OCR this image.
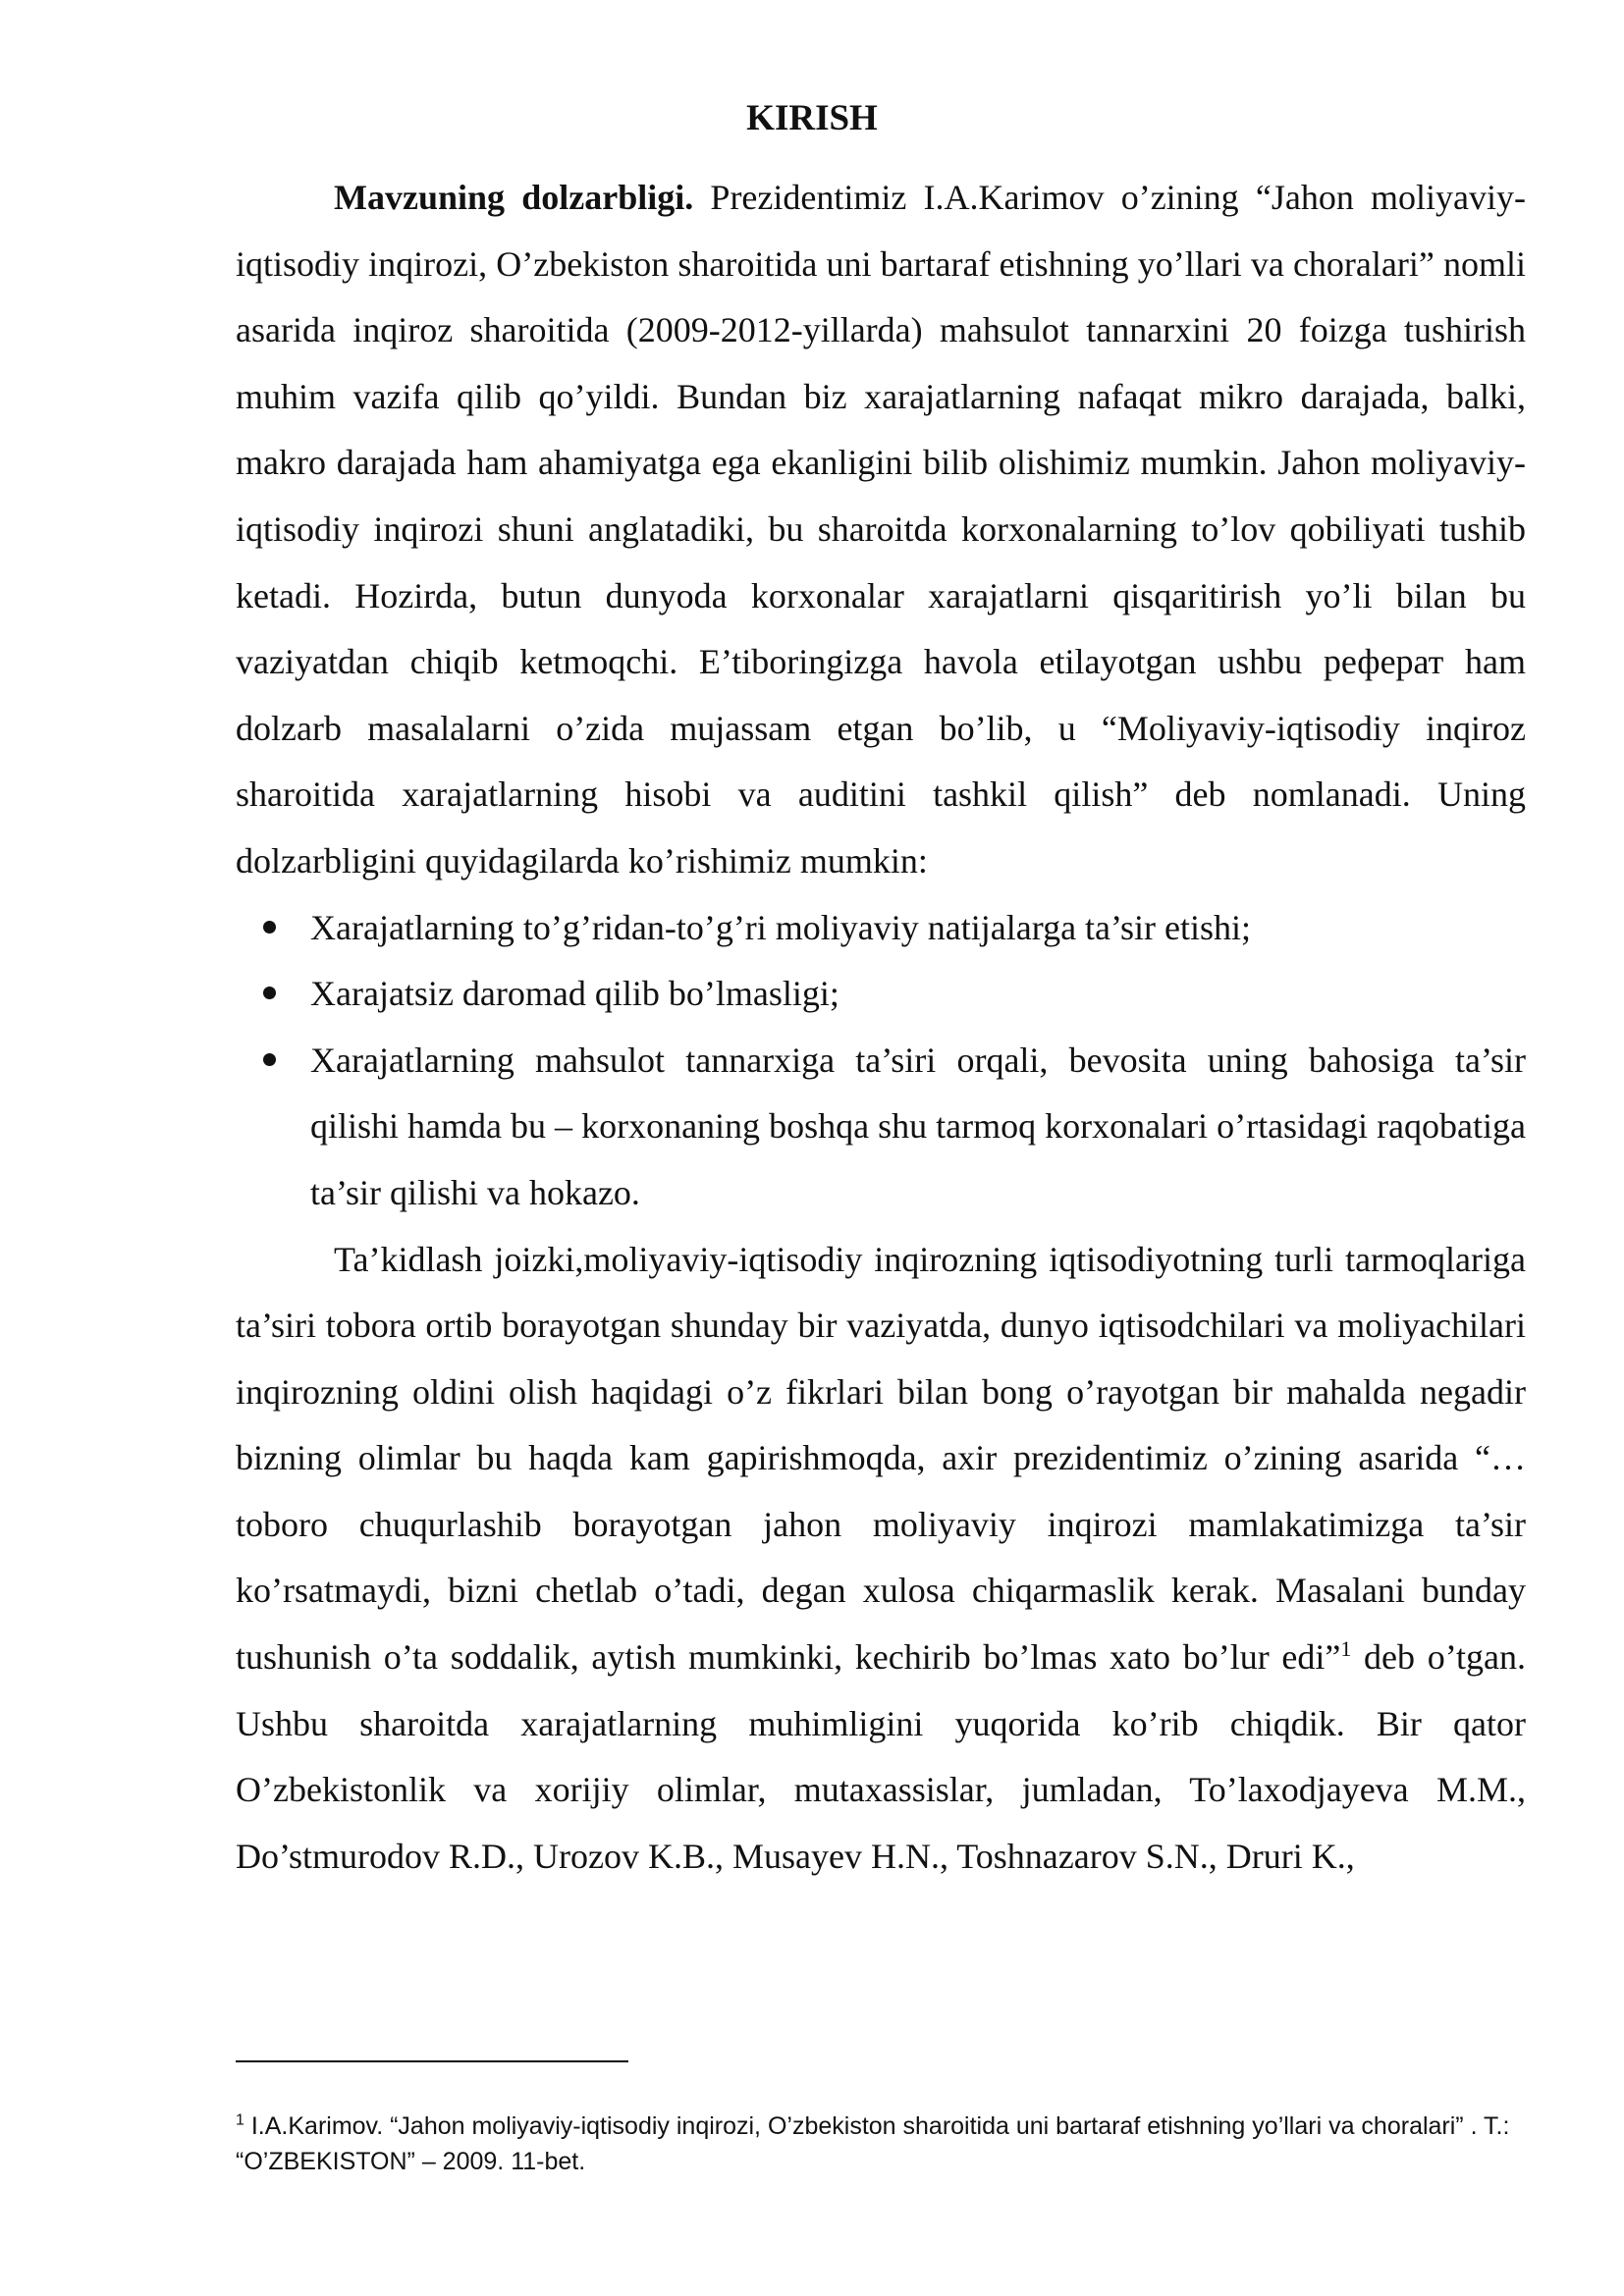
KIRISH

Mavzuning dolzarbligi. Prezidentimiz I.A.Karimov o’zining “Jahon moliyaviy-iqtisodiy inqirozi, O’zbekiston sharoitida uni bartaraf etishning yo’llari va choralari” nomli asarida inqiroz sharoitida (2009-2012-yillarda) mahsulot tannarxini 20 foizga tushirish muhim vazifa qilib qo’yildi. Bundan biz xarajatlarning nafaqat mikro darajada, balki, makro darajada ham ahamiyatga ega ekanligini bilib olishimiz mumkin. Jahon moliyaviy-iqtisodiy inqirozi shuni anglatadiki, bu sharoitda korxonalarning to’lov qobiliyati tushib ketadi. Hozirda, butun dunyoda korxonalar xarajatlarni qisqaritirish yo’li bilan bu vaziyatdan chiqib ketmoqchi. E’tiboringizga havola etilayotgan ushbu реферат ham dolzarb masalalarni o’zida mujassam etgan bo’lib, u “Moliyaviy-iqtisodiy inqiroz sharoitida xarajatlarning hisobi va auditini tashkil qilish” deb nomlanadi. Uning dolzarbligini quyidagilarda ko’rishimiz mumkin:

Xarajatlarning to’g’ridan-to’g’ri moliyaviy natijalarga ta’sir etishi;
Xarajatsiz daromad qilib bo’lmasligi;
Xarajatlarning mahsulot tannarxiga ta’siri orqali, bevosita uning bahosiga ta’sir qilishi hamda bu – korxonaning boshqa shu tarmoq korxonalari o’rtasidagi raqobatiga ta’sir qilishi va hokazo.

Ta’kidlash joizki,moliyaviy-iqtisodiy inqirozning iqtisodiyotning turli tarmoqlariga ta’siri tobora ortib borayotgan shunday bir vaziyatda, dunyo iqtisodchilari va moliyachilari inqirozning oldini olish haqidagi o’z fikrlari bilan bong o’rayotgan bir mahalda negadir bizning olimlar bu haqda kam gapirishmoqda, axir prezidentimiz o’zining asarida “… toboro chuqurlashib borayotgan jahon moliyaviy inqirozi mamlakatimizga ta’sir ko’rsatmaydi, bizni chetlab o’tadi, degan xulosa chiqarmaslik kerak. Masalani bunday tushunish o’ta soddalik, aytish mumkinki, kechirib bo’lmas xato bo’lur edi”$^1$ deb o’tgan. Ushbu sharoitda xarajatlarning muhimligini yuqorida ko’rib chiqdik. Bir qator O’zbekistonlik va xorijiy olimlar, mutaxassislar, jumladan, To’laxodjayeva M.M., Do’stmurodov R.D., Urozov K.B., Musayev H.N., Toshnazarov S.N., Druri K.,

$^1$ I.A.Karimov. “Jahon moliyaviy-iqtisodiy inqirozi, O’zbekiston sharoitida uni bartaraf etishning yo’llari va choralari” . T.: “O’ZBEKISTON” – 2009. 11-bet.
